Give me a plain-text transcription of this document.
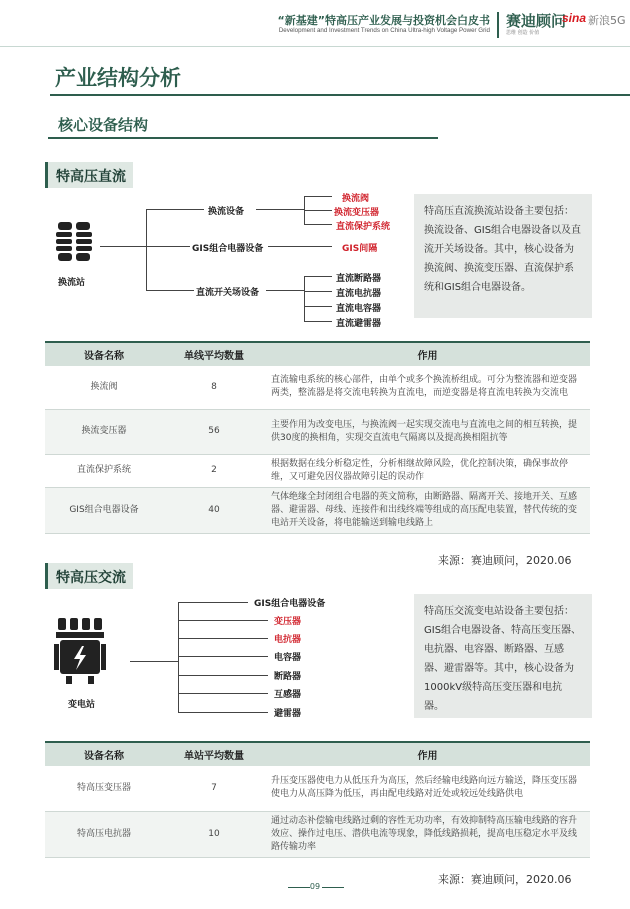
“新基建”特高压产业发展与投资机会白皮书
Development and Investment Trends on China Ultra-high Voltage Power Grid
赛迪顾问
思维 创造 价值
sina 新浪5G
产业结构分析
核心设备结构
特高压直流
换流站
换流设备
GIS组合电器设备
直流开关场设备
换流阀
换流变压器
直流保护系统
GIS间隔
直流断路器
直流电抗器
直流电容器
直流避雷器
特高压直流换流站设备主要包括：换流设备、GIS组合电器设备以及直流开关场设备。其中，核心设备为换流阀、换流变压器、直流保护系统和GIS组合电器设备。
设备名称	单线平均数量	作用
换流阀	8	直流输电系统的核心部件，由单个或多个换流桥组成。可分为整流器和逆变器两类，整流器是将交流电转换为直流电，而逆变器是将直流电转换为交流电
换流变压器	56	主要作用为改变电压，与换流阀一起实现交流电与直流电之间的相互转换，提供30度的换相角，实现交直流电气隔离以及提高换相阻抗等
直流保护系统	2	根据数据在线分析稳定性，分析相继故障风险，优化控制决策，确保事故停维，又可避免因仪器故障引起的误动作
GIS组合电器设备	40	气体绝缘全封闭组合电器的英文简称，由断路器、隔离开关、接地开关、互感器、避雷器、母线、连接件和出线终端等组成的高压配电装置，替代传统的变电站开关设备，将电能输送到输电线路上
来源：赛迪顾问，2020.06
特高压交流
变电站
GIS组合电器设备
变压器
电抗器
电容器
断路器
互感器
避雷器
特高压交流变电站设备主要包括：GIS组合电器设备、特高压变压器、电抗器、电容器、断路器、互感器、避雷器等。其中，核心设备为1000kV级特高压变压器和电抗器。
设备名称	单站平均数量	作用
特高压变压器	7	升压变压器使电力从低压升为高压，然后经输电线路向远方输送，降压变压器使电力从高压降为低压，再由配电线路对近处或较远处线路供电
特高压电抗器	10	通过动态补偿输电线路过剩的容性无功功率，有效抑制特高压输电线路的容升效应、操作过电压、潜供电流等现象，降低线路损耗，提高电压稳定水平及线路传输功率
来源：赛迪顾问，2020.06
09
